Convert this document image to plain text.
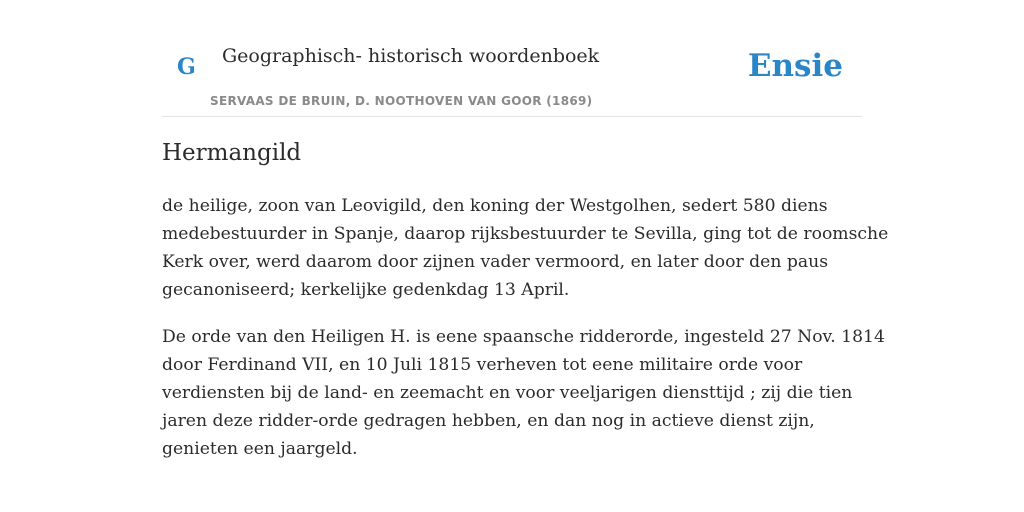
G Geographisch- historisch woordenboek
SERVAAS DE BRUIN, D. NOOTHOVEN VAN GOOR (1869)
Ensie
Hermangild

de heilige, zoon van Leovigild, den koning der Westgolhen, sedert 580 diens
medebestuurder in Spanje, daarop rijksbestuurder te Sevilla, ging tot de roomsche
Kerk over, werd daarom door zijnen vader vermoord, en later door den paus
gecanoniseerd; kerkelijke gedenkdag 13 April.

De orde van den Heiligen H. is eene spaansche ridderorde, ingesteld 27 Nov. 1814
door Ferdinand VII, en 10 Juli 1815 verheven tot eene militaire orde voor
verdiensten bij de land- en zeemacht en voor veeljarigen diensttijd ; zij die tien
jaren deze ridder-orde gedragen hebben, en dan nog in actieve dienst zijn,
genieten een jaargeld.
